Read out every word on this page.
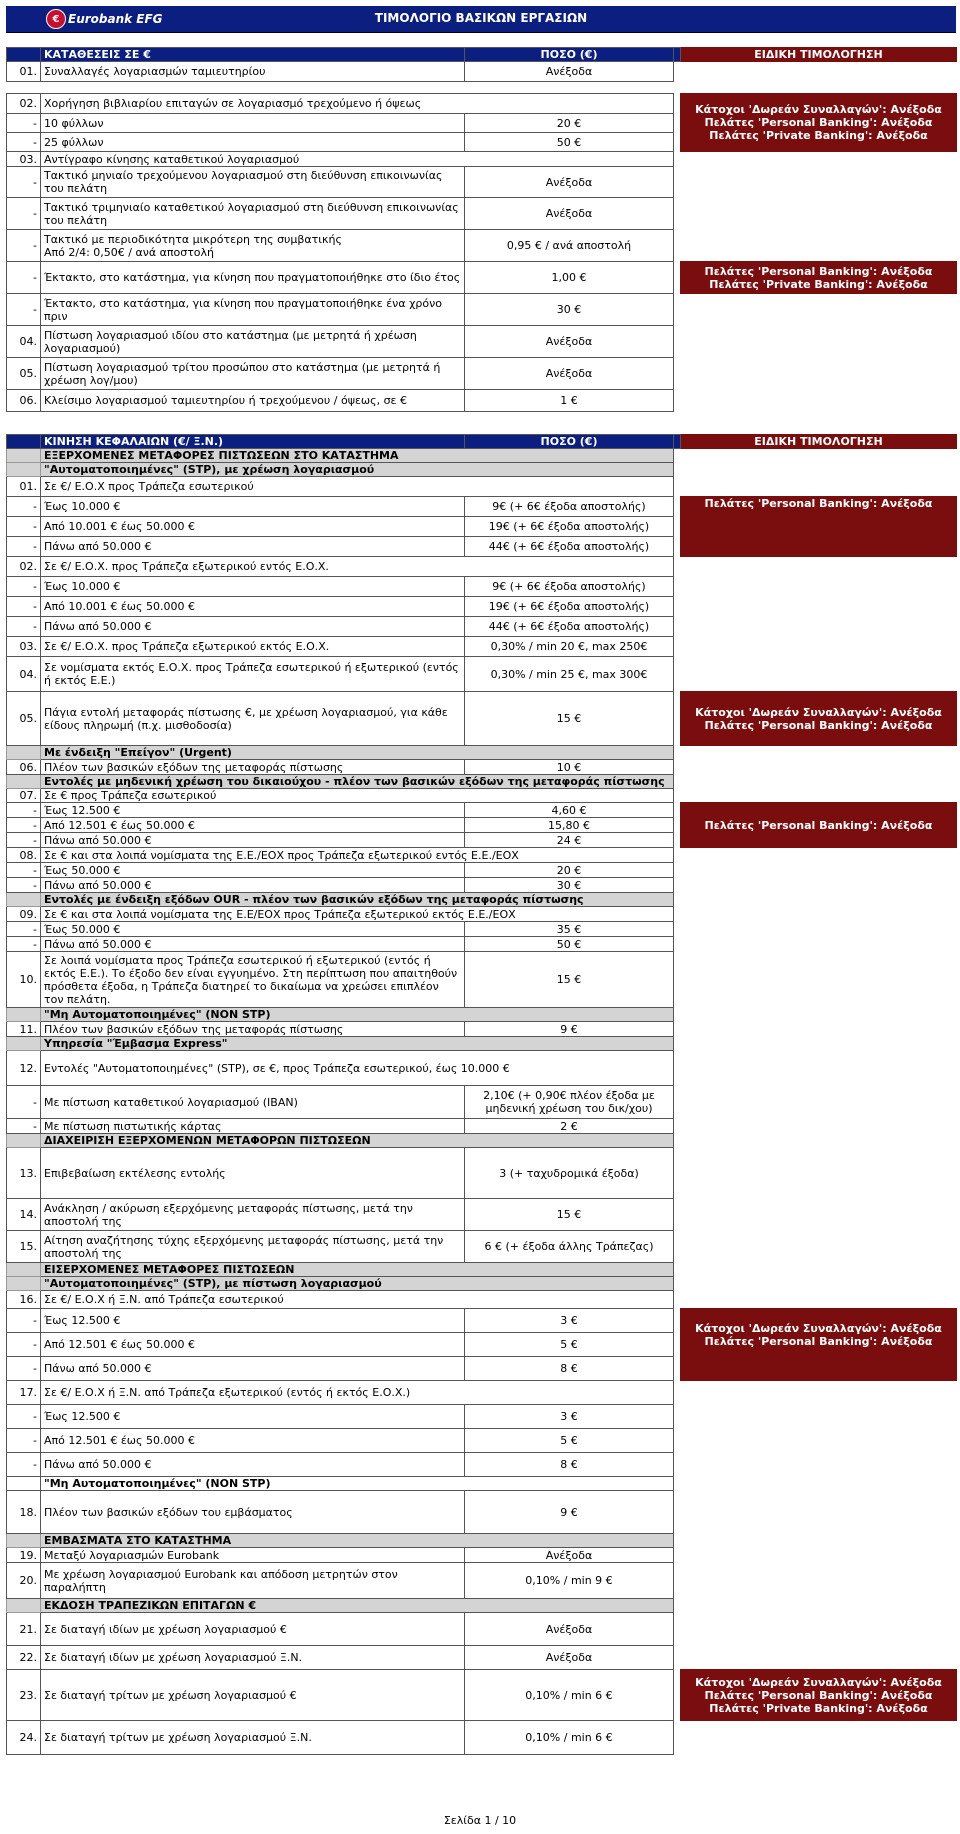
€ Eurobank EFG	ΤΙΜΟΛΟΓΙΟ ΒΑΣΙΚΩΝ ΕΡΓΑΣΙΩΝ
	ΚΑΤΑΘΕΣΕΙΣ ΣΕ €	ΠΟΣΟ (€)		ΕΙΔΙΚΗ ΤΙΜΟΛΟΓΗΣΗ
01.	Συναλλαγές λογαριασμών ταμιευτηρίου	Ανέξοδα		

02.	Χορήγηση βιβλιαρίου επιταγών σε λογαριασμό τρεχούμενο ή όψεως			Κάτοχοι 'Δωρεάν Συναλλαγών': Ανέξοδα
Πελάτες 'Personal Banking': Ανέξοδα
Πελάτες 'Private Banking': Ανέξοδα

-	10 φύλλων	20 €		
-	25 φύλλων	50 €		
03.	Αντίγραφο κίνησης καταθετικού λογαριασμού			
-	Τακτικό μηνιαίο τρεχούμενου λογαριασμού στη διεύθυνση επικοινωνίας του πελάτη	Ανέξοδα		
-	Τακτικό τριμηνιαίο καταθετικού λογαριασμού στη διεύθυνση επικοινωνίας του πελάτη	Ανέξοδα		
-	Τακτικό με περιοδικότητα μικρότερη της συμβατικής
Από 2/4: 0,50€ / ανά αποστολή	0,95 € / ανά αποστολή		
-	Έκτακτο, στο κατάστημα, για κίνηση που πραγματοποιήθηκε στο ίδιο έτος	1,00 €		Πελάτες 'Personal Banking': Ανέξοδα
Πελάτες 'Private Banking': Ανέξοδα

-	Έκτακτο, στο κατάστημα, για κίνηση που πραγματοποιήθηκε ένα χρόνο πριν	30 €		
04.	Πίστωση λογαριασμού ιδίου στο κατάστημα (με μετρητά ή χρέωση λογαριασμού)	Ανέξοδα		
05.	Πίστωση λογαριασμού τρίτου προσώπου στο κατάστημα (με μετρητά ή χρέωση λογ/μου)	Ανέξοδα		
06.	Κλείσιμο λογαριασμού ταμιευτηρίου ή τρεχούμενου / όψεως, σε €	1 €		
	ΚΙΝΗΣΗ ΚΕΦΑΛΑΙΩΝ (€/ Ξ.Ν.)	ΠΟΣΟ (€)		ΕΙΔΙΚΗ ΤΙΜΟΛΟΓΗΣΗ
	ΕΞΕΡΧΟΜΕΝΕΣ ΜΕΤΑΦΟΡΕΣ ΠΙΣΤΩΣΕΩΝ ΣΤΟ ΚΑΤΑΣΤΗΜΑ			
	"Αυτοματοποιημένες" (STP), με χρέωση λογαριασμού			
01.	Σε €/ Ε.Ο.Χ προς Τράπεζα εσωτερικού			
-	Έως 10.000 €	9€ (+ 6€ έξοδα αποστολής)		Πελάτες 'Personal Banking': Ανέξοδα

-	Από 10.001 € έως 50.000 €	19€ (+ 6€ έξοδα αποστολής)		
-	Πάνω από 50.000 €	44€ (+ 6€ έξοδα αποστολής)		
02.	Σε €/ Ε.Ο.Χ. προς Τράπεζα εξωτερικού εντός Ε.Ο.Χ.			
-	Έως 10.000 €	9€ (+ 6€ έξοδα αποστολής)		
-	Από 10.001 € έως 50.000 €	19€ (+ 6€ έξοδα αποστολής)		
-	Πάνω από 50.000 €	44€ (+ 6€ έξοδα αποστολής)		
03.	Σε €/ Ε.Ο.Χ. προς Τράπεζα εξωτερικού εκτός Ε.Ο.Χ.	0,30% / min 20 €, max 250€		
04.	Σε νομίσματα εκτός Ε.Ο.Χ. προς Τράπεζα εσωτερικού ή εξωτερικού (εντός ή εκτός Ε.Ε.)	0,30% / min 25 €, max 300€		
05.	Πάγια εντολή μεταφοράς πίστωσης €, με χρέωση λογαριασμού, για κάθε είδους πληρωμή (π.χ. μισθοδοσία)	15 €		Κάτοχοι 'Δωρεάν Συναλλαγών': Ανέξοδα
Πελάτες 'Personal Banking': Ανέξοδα

	Με ένδειξη "Επείγον" (Urgent)			
06.	Πλέον των βασικών εξόδων της μεταφοράς πίστωσης	10 €		
	Εντολές με μηδενική χρέωση του δικαιούχου - πλέον των βασικών εξόδων της μεταφοράς πίστωσης			
07.	Σε € προς Τράπεζα εσωτερικού			
-	Έως 12.500 €	4,60 €		Πελάτες 'Personal Banking': Ανέξοδα

-	Από 12.501 € έως 50.000 €	15,80 €		
-	Πάνω από 50.000 €	24 €		
08.	Σε € και στα λοιπά νομίσματα της Ε.Ε./ΕΟΧ προς Τράπεζα εξωτερικού εντός Ε.Ε./ΕΟΧ			
-	Έως 50.000 €	20 €		
-	Πάνω από 50.000 €	30 €		
	Εντολές με ένδειξη εξόδων OUR - πλέον των βασικών εξόδων της μεταφοράς πίστωσης			
09.	Σε € και στα λοιπά νομίσματα της Ε.Ε/ΕΟΧ προς Τράπεζα εξωτερικού εκτός Ε.Ε./ΕΟΧ			
-	Έως 50.000 €	35 €		
-	Πάνω από 50.000 €	50 €		
10.	Σε λοιπά νομίσματα προς Τράπεζα εσωτερικού ή εξωτερικού (εντός ή εκτός Ε.Ε.). Το έξοδο δεν είναι εγγυημένο. Στη περίπτωση που απαιτηθούν πρόσθετα έξοδα, η Τράπεζα διατηρεί το δικαίωμα να χρεώσει επιπλέον τον πελάτη.	15 €		
	"Μη Αυτοματοποιημένες" (NON STP)			
11.	Πλέον των βασικών εξόδων της μεταφοράς πίστωσης	9 €		
	Υπηρεσία "Έμβασμα Express"			
12.	Εντολές "Αυτοματοποιημένες" (STP), σε €, προς Τράπεζα εσωτερικού, έως 10.000 €			
-	Με πίστωση καταθετικού λογαριασμού (IBAN)	2,10€ (+ 0,90€ πλέον έξοδα με
μηδενική χρέωση του δικ/χου)		

-	Με πίστωση πιστωτικής κάρτας	2 €		
	ΔΙΑΧΕΙΡΙΣΗ ΕΞΕΡΧΟΜΕΝΩΝ ΜΕΤΑΦΟΡΩΝ ΠΙΣΤΩΣΕΩΝ			
13.	Επιβεβαίωση εκτέλεσης εντολής	3 (+ ταχυδρομικά έξοδα)		
14.	Ανάκληση / ακύρωση εξερχόμενης μεταφοράς πίστωσης, μετά την αποστολή της	15 €		
15.	Αίτηση αναζήτησης τύχης εξερχόμενης μεταφοράς πίστωσης, μετά την αποστολή της	6 € (+ έξοδα άλλης Τράπεζας)		
	ΕΙΣΕΡΧΟΜΕΝΕΣ ΜΕΤΑΦΟΡΕΣ ΠΙΣΤΩΣΕΩΝ			
	"Αυτοματοποιημένες" (STP), με πίστωση λογαριασμού			
16.	Σε €/ Ε.Ο.Χ ή Ξ.Ν. από Τράπεζα εσωτερικού			
-	Έως 12.500 €	3 €		Κάτοχοι 'Δωρεάν Συναλλαγών': Ανέξοδα
Πελάτες 'Personal Banking': Ανέξοδα

-	Από 12.501 € έως 50.000 €	5 €		
-	Πάνω από 50.000 €	8 €		
17.	Σε €/ Ε.Ο.Χ ή Ξ.Ν. από Τράπεζα εξωτερικού (εντός ή εκτός Ε.Ο.Χ.)			
-	Έως 12.500 €	3 €		
-	Από 12.501 € έως 50.000 €	5 €		
-	Πάνω από 50.000 €	8 €		
	"Μη Αυτοματοποιημένες" (NON STP)			
18.	Πλέον των βασικών εξόδων του εμβάσματος	9 €		
	ΕΜΒΑΣΜΑΤΑ ΣΤΟ ΚΑΤΑΣΤΗΜΑ			
19.	Μεταξύ λογαριασμών Eurobank	Ανέξοδα		
20.	Με χρέωση λογαριασμού Eurobank και απόδοση μετρητών στον παραλήπτη	0,10% / min 9 €		
	ΕΚΔΟΣΗ ΤΡΑΠΕΖΙΚΩΝ ΕΠΙΤΑΓΩΝ €			
21.	Σε διαταγή ιδίων με χρέωση λογαριασμού €	Ανέξοδα		
22.	Σε διαταγή ιδίων με χρέωση λογαριασμού Ξ.Ν.	Ανέξοδα		
23.	Σε διαταγή τρίτων με χρέωση λογαριασμού €	0,10% / min 6 €		Κάτοχοι 'Δωρεάν Συναλλαγών': Ανέξοδα
Πελάτες 'Personal Banking': Ανέξοδα
Πελάτες 'Private Banking': Ανέξοδα

24.	Σε διαταγή τρίτων με χρέωση λογαριασμού Ξ.Ν.	0,10% / min 6 €		
Σελίδα 1 / 10
